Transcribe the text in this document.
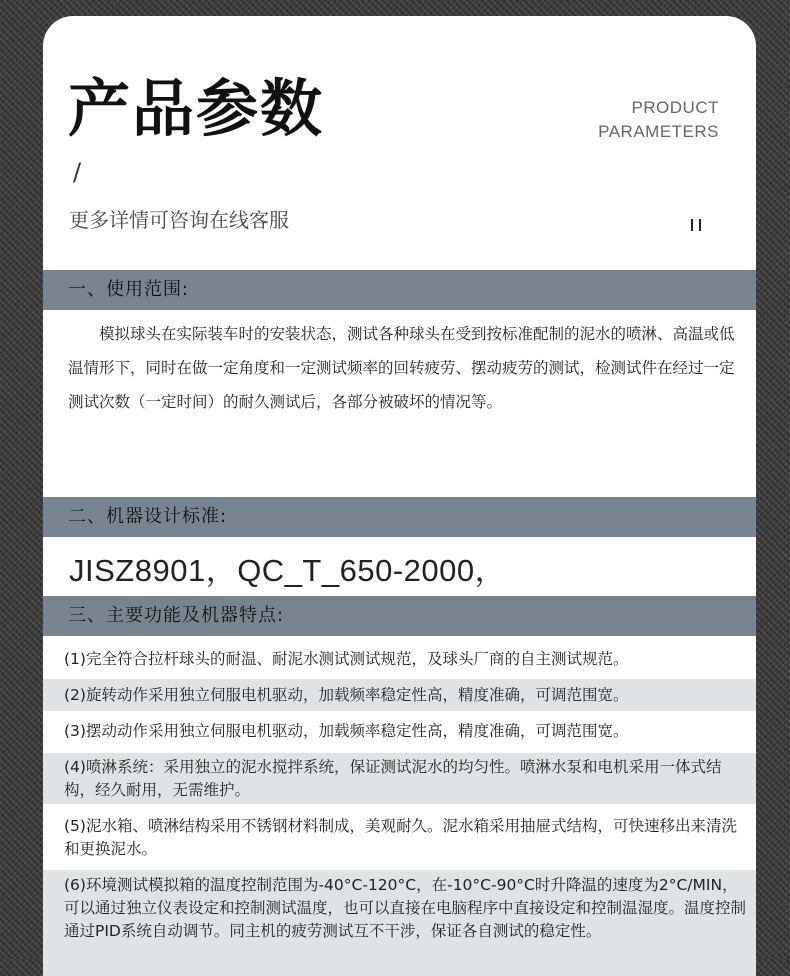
产品参数
/
更多详情可咨询在线客服
PRODUCT
PARAMETERS
一、使用范围:

模拟球头在实际装车时的安装状态，测试各种球头在受到按标准配制的泥水的喷淋、高温或低温情形下，同时在做一定角度和一定测试频率的回转疲劳、摆动疲劳的测试，检测试件在经过一定测试次数（一定时间）的耐久测试后，各部分被破坏的情况等。

二、机器设计标准:
JISZ8901，QC_T_650-2000，
三、主要功能及机器特点:
(1)完全符合拉杆球头的耐温、耐泥水测试测试规范，及球头厂商的自主测试规范。
(2)旋转动作采用独立伺服电机驱动，加载频率稳定性高，精度准确，可调范围宽。
(3)摆动动作采用独立伺服电机驱动，加载频率稳定性高，精度准确，可调范围宽。
(4)喷淋系统：采用独立的泥水搅拌系统，保证测试泥水的均匀性。喷淋水泵和电机采用一体式结构，经久耐用，无需维护。
(5)泥水箱、喷淋结构采用不锈钢材料制成，美观耐久。泥水箱采用抽屉式结构，可快速移出来清洗和更换泥水。
(6)环境测试模拟箱的温度控制范围为-40°C-120°C，在-10°C-90°C时升降温的速度为2°C/MIN，可以通过独立仪表设定和控制测试温度，也可以直接在电脑程序中直接设定和控制温湿度。温度控制通过PID系统自动调节。同主机的疲劳测试互不干涉，保证各自测试的稳定性。
